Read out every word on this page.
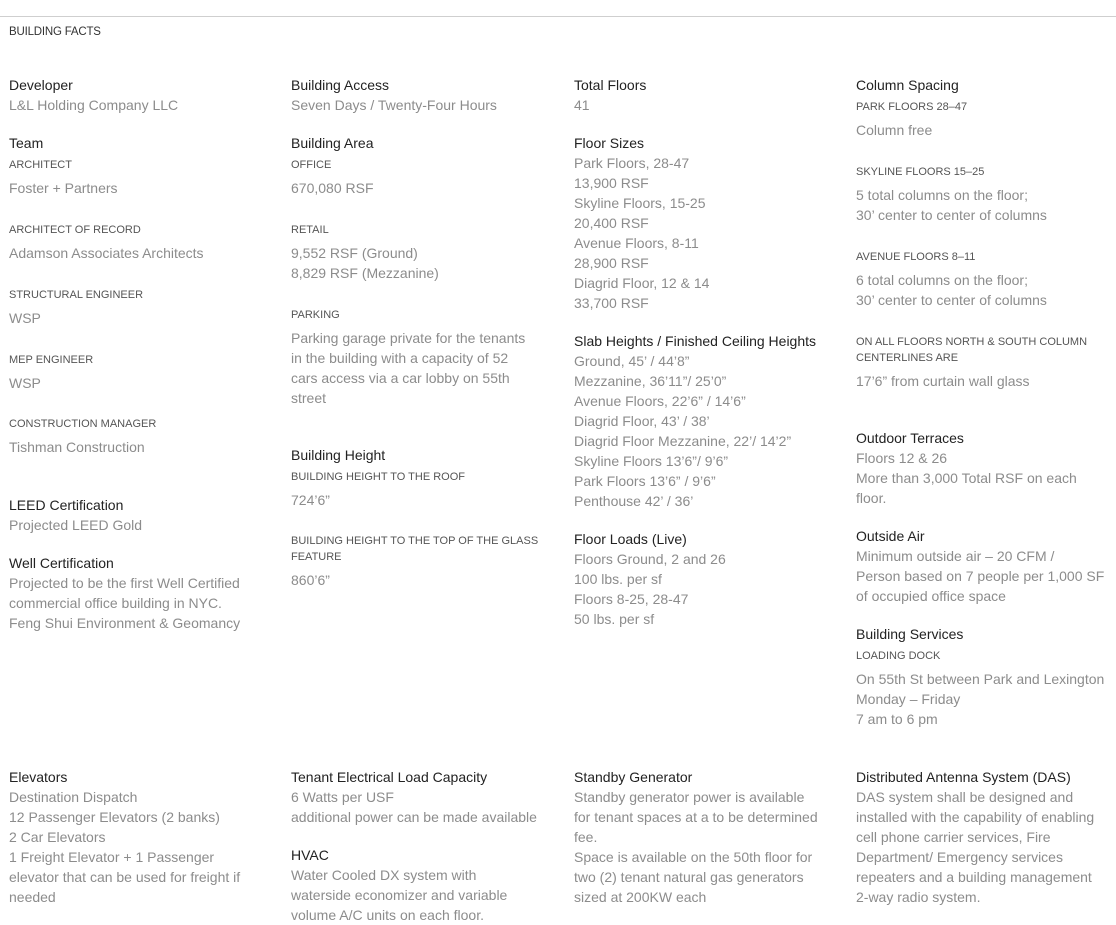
BUILDING FACTS
Developer
L&L Holding Company LLC
Team
ARCHITECT
Foster + Partners
ARCHITECT OF RECORD
Adamson Associates Architects
STRUCTURAL ENGINEER
WSP
MEP ENGINEER
WSP
CONSTRUCTION MANAGER
Tishman Construction
LEED Certification
Projected LEED Gold
Well Certification
Projected to be the first Well Certified
commercial office building in NYC.
Feng Shui Environment & Geomancy
Building Access
Seven Days / Twenty-Four Hours
Building Area
OFFICE
670,080 RSF
RETAIL
9,552 RSF (Ground)
8,829 RSF (Mezzanine)
PARKING
Parking garage private for the tenants
in the building with a capacity of 52
cars access via a car lobby on 55th
street
Building Height
BUILDING HEIGHT TO THE ROOF
724’6”
BUILDING HEIGHT TO THE TOP OF THE GLASS
FEATURE
860’6”
Total Floors
41
Floor Sizes
Park Floors, 28-47
13,900 RSF
Skyline Floors, 15-25
20,400 RSF
Avenue Floors, 8-11
28,900 RSF
Diagrid Floor, 12 & 14
33,700 RSF
Slab Heights / Finished Ceiling Heights
Ground, 45’ / 44’8”
Mezzanine, 36’11”/ 25’0”
Avenue Floors, 22’6” / 14’6”
Diagrid Floor, 43’ / 38’
Diagrid Floor Mezzanine, 22’/ 14’2”
Skyline Floors 13’6”/ 9’6”
Park Floors 13’6” / 9’6”
Penthouse 42’ / 36’
Floor Loads (Live)
Floors Ground, 2 and 26
100 lbs. per sf
Floors 8-25, 28-47
50 lbs. per sf
Column Spacing
PARK FLOORS 28–47
Column free
SKYLINE FLOORS 15–25
5 total columns on the floor;
30’ center to center of columns
AVENUE FLOORS 8–11
6 total columns on the floor;
30’ center to center of columns
ON ALL FLOORS NORTH & SOUTH COLUMN
CENTERLINES ARE
17’6” from curtain wall glass
Outdoor Terraces
Floors 12 & 26
More than 3,000 Total RSF on each
floor.
Outside Air
Minimum outside air – 20 CFM /
Person based on 7 people per 1,000 SF
of occupied office space
Building Services
LOADING DOCK
On 55th St between Park and Lexington
Monday – Friday
7 am to 6 pm
Elevators
Destination Dispatch
12 Passenger Elevators (2 banks)
2 Car Elevators
1 Freight Elevator + 1 Passenger
elevator that can be used for freight if
needed
Tenant Electrical Load Capacity
6 Watts per USF
additional power can be made available
HVAC
Water Cooled DX system with
waterside economizer and variable
volume A/C units on each floor.
Standby Generator
Standby generator power is available
for tenant spaces at a to be determined
fee.
Space is available on the 50th floor for
two (2) tenant natural gas generators
sized at 200KW each
Distributed Antenna System (DAS)
DAS system shall be designed and
installed with the capability of enabling
cell phone carrier services, Fire
Department/ Emergency services
repeaters and a building management
2-way radio system.
